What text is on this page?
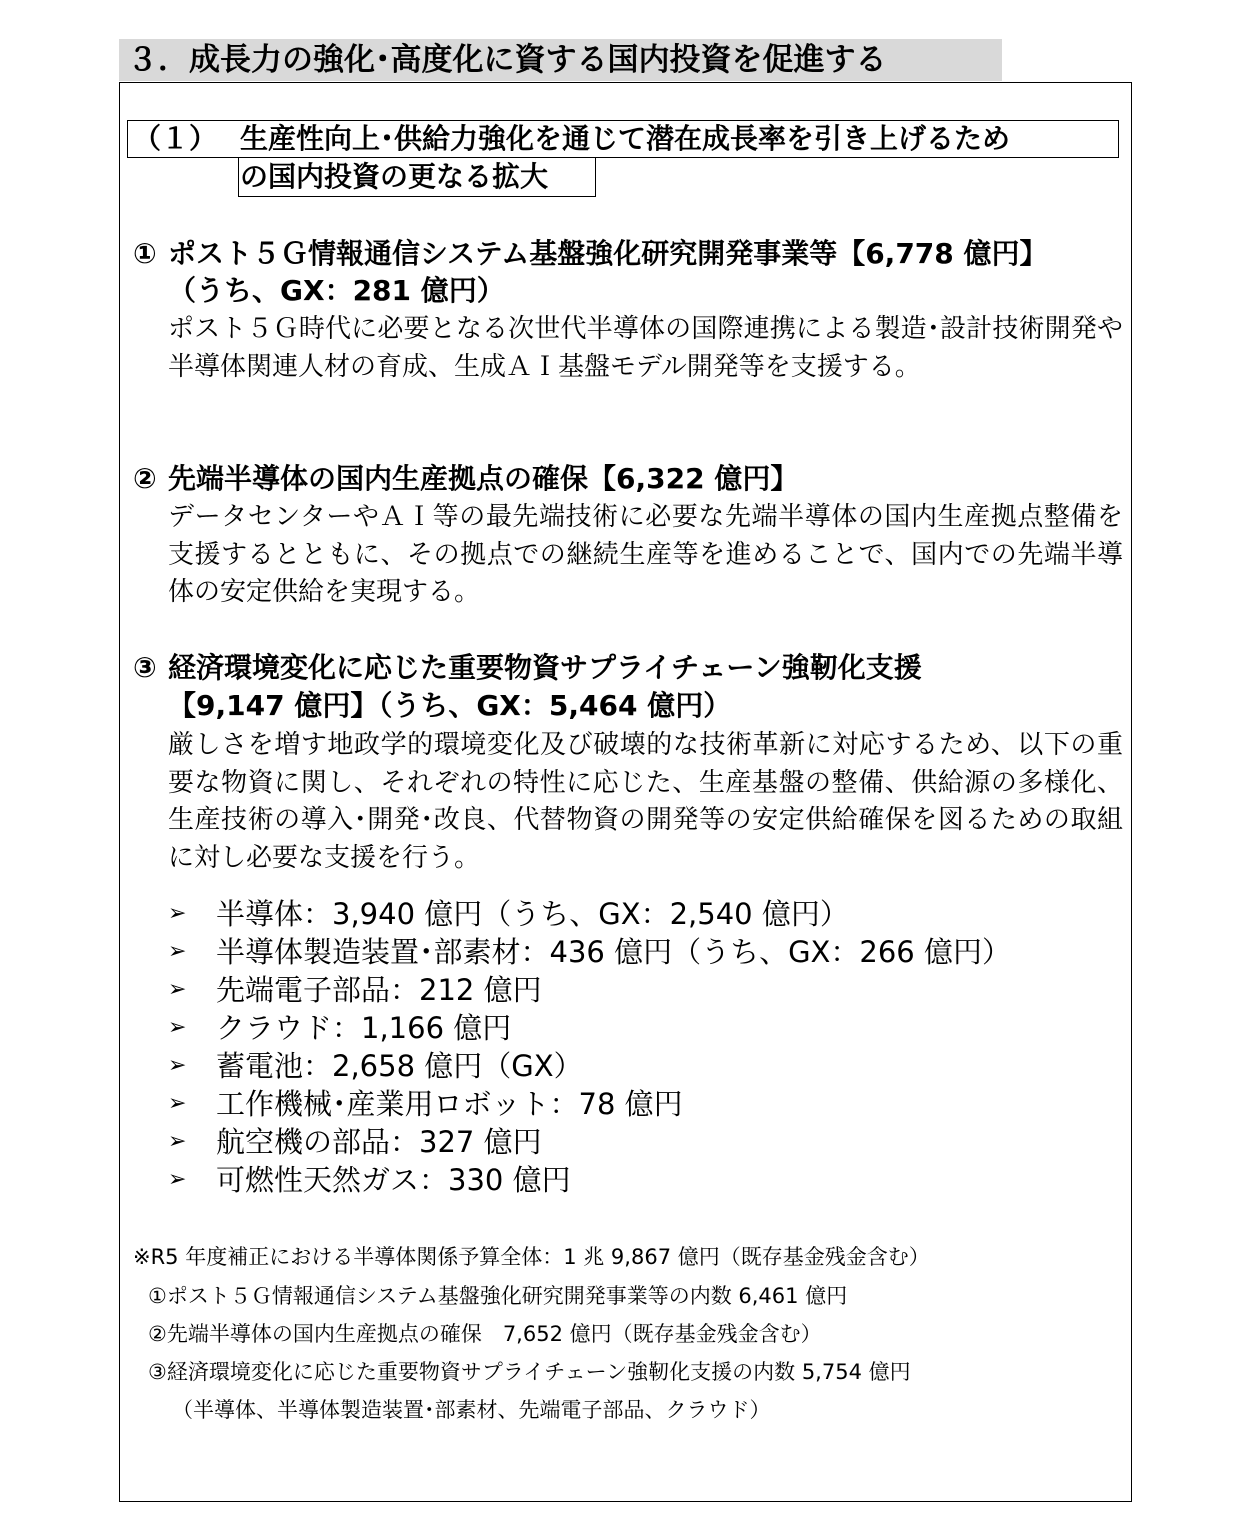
３．成長力の強化･高度化に資する国内投資を促進する
（１） 生産性向上･供給力強化を通じて潜在成長率を引き上げるため
の国内投資の更なる拡大
① ポスト５Ｇ情報通信システム基盤強化研究開発事業等【6,778 億円】
（うち、GX：281 億円）
ポスト５Ｇ時代に必要となる次世代半導体の国際連携による製造･設計技術開発や半導体関連人材の育成、生成ＡＩ基盤モデル開発等を支援する。
② 先端半導体の国内生産拠点の確保【6,322 億円】
データセンターやＡＩ等の最先端技術に必要な先端半導体の国内生産拠点整備を支援するとともに、その拠点での継続生産等を進めることで、国内での先端半導体の安定供給を実現する。
③ 経済環境変化に応じた重要物資サプライチェーン強靭化支援
【9,147 億円】（うち、GX：5,464 億円）
厳しさを増す地政学的環境変化及び破壊的な技術革新に対応するため、以下の重要な物資に関し、それぞれの特性に応じた、生産基盤の整備、供給源の多様化、生産技術の導入･開発･改良、代替物資の開発等の安定供給確保を図るための取組に対し必要な支援を行う。
➢	半導体：3,940 億円（うち、GX：2,540 億円）
➢	半導体製造装置･部素材：436 億円（うち、GX：266 億円）
➢	先端電子部品：212 億円
➢	クラウド：1,166 億円
➢	蓄電池：2,658 億円（GX）
➢	工作機械･産業用ロボット：78 億円
➢	航空機の部品：327 億円
➢	可燃性天然ガス：330 億円
※R5 年度補正における半導体関係予算全体：1 兆 9,867 億円（既存基金残金含む）
①ポスト５Ｇ情報通信システム基盤強化研究開発事業等の内数 6,461 億円
②先端半導体の国内生産拠点の確保　7,652 億円（既存基金残金含む）
③経済環境変化に応じた重要物資サプライチェーン強靭化支援の内数 5,754 億円
（半導体、半導体製造装置･部素材、先端電子部品、クラウド）
